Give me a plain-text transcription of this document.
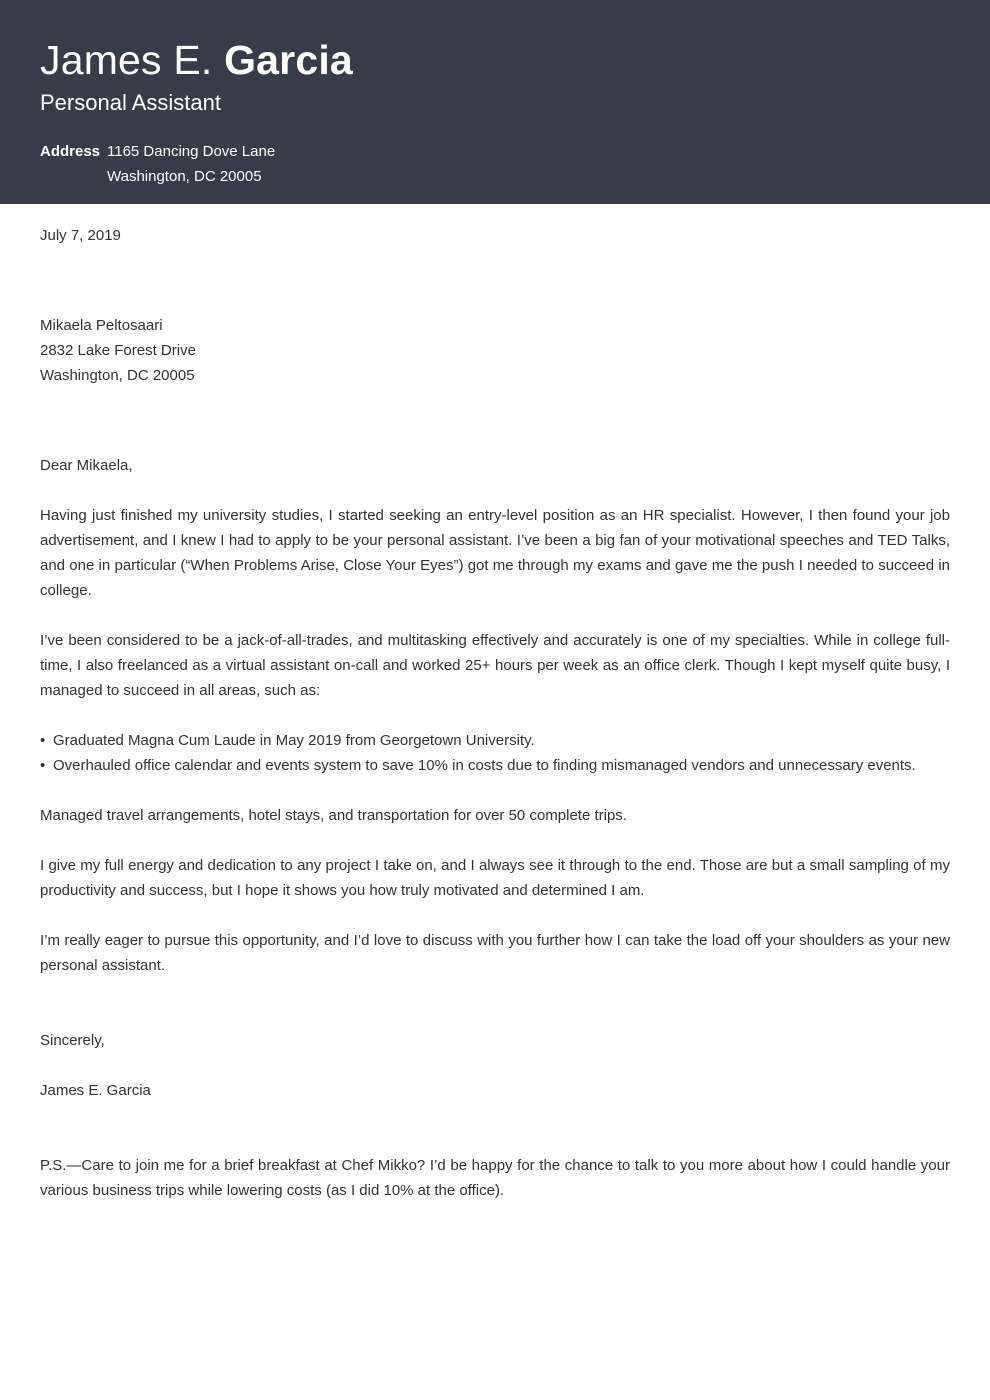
James E. Garcia
Personal Assistant
Address 1165 Dancing Dove Lane
Washington, DC 20005
July 7, 2019
Mikaela Peltosaari
2832 Lake Forest Drive
Washington, DC 20005
Dear Mikaela,

Having just finished my university studies, I started seeking an entry-level position as an HR specialist. However, I then found your job advertisement, and I knew I had to apply to be your personal assistant. I’ve been a big fan of your motivational speeches and TED Talks, and one in particular (“When Problems Arise, Close Your Eyes”) got me through my exams and gave me the push I needed to succeed in college.

I’ve been considered to be a jack-of-all-trades, and multitasking effectively and accurately is one of my specialties. While in college full-time, I also freelanced as a virtual assistant on-call and worked 25+ hours per week as an office clerk. Though I kept myself quite busy, I managed to succeed in all areas, such as:

• Graduated Magna Cum Laude in May 2019 from Georgetown University.
• Overhauled office calendar and events system to save 10% in costs due to finding mismanaged vendors and unnecessary events.

Managed travel arrangements, hotel stays, and transportation for over 50 complete trips.

I give my full energy and dedication to any project I take on, and I always see it through to the end. Those are but a small sampling of my productivity and success, but I hope it shows you how truly motivated and determined I am.

I’m really eager to pursue this opportunity, and I’d love to discuss with you further how I can take the load off your shoulders as your new personal assistant.

Sincerely,
James E. Garcia

P.S.—Care to join me for a brief breakfast at Chef Mikko? I’d be happy for the chance to talk to you more about how I could handle your various business trips while lowering costs (as I did 10% at the office).
